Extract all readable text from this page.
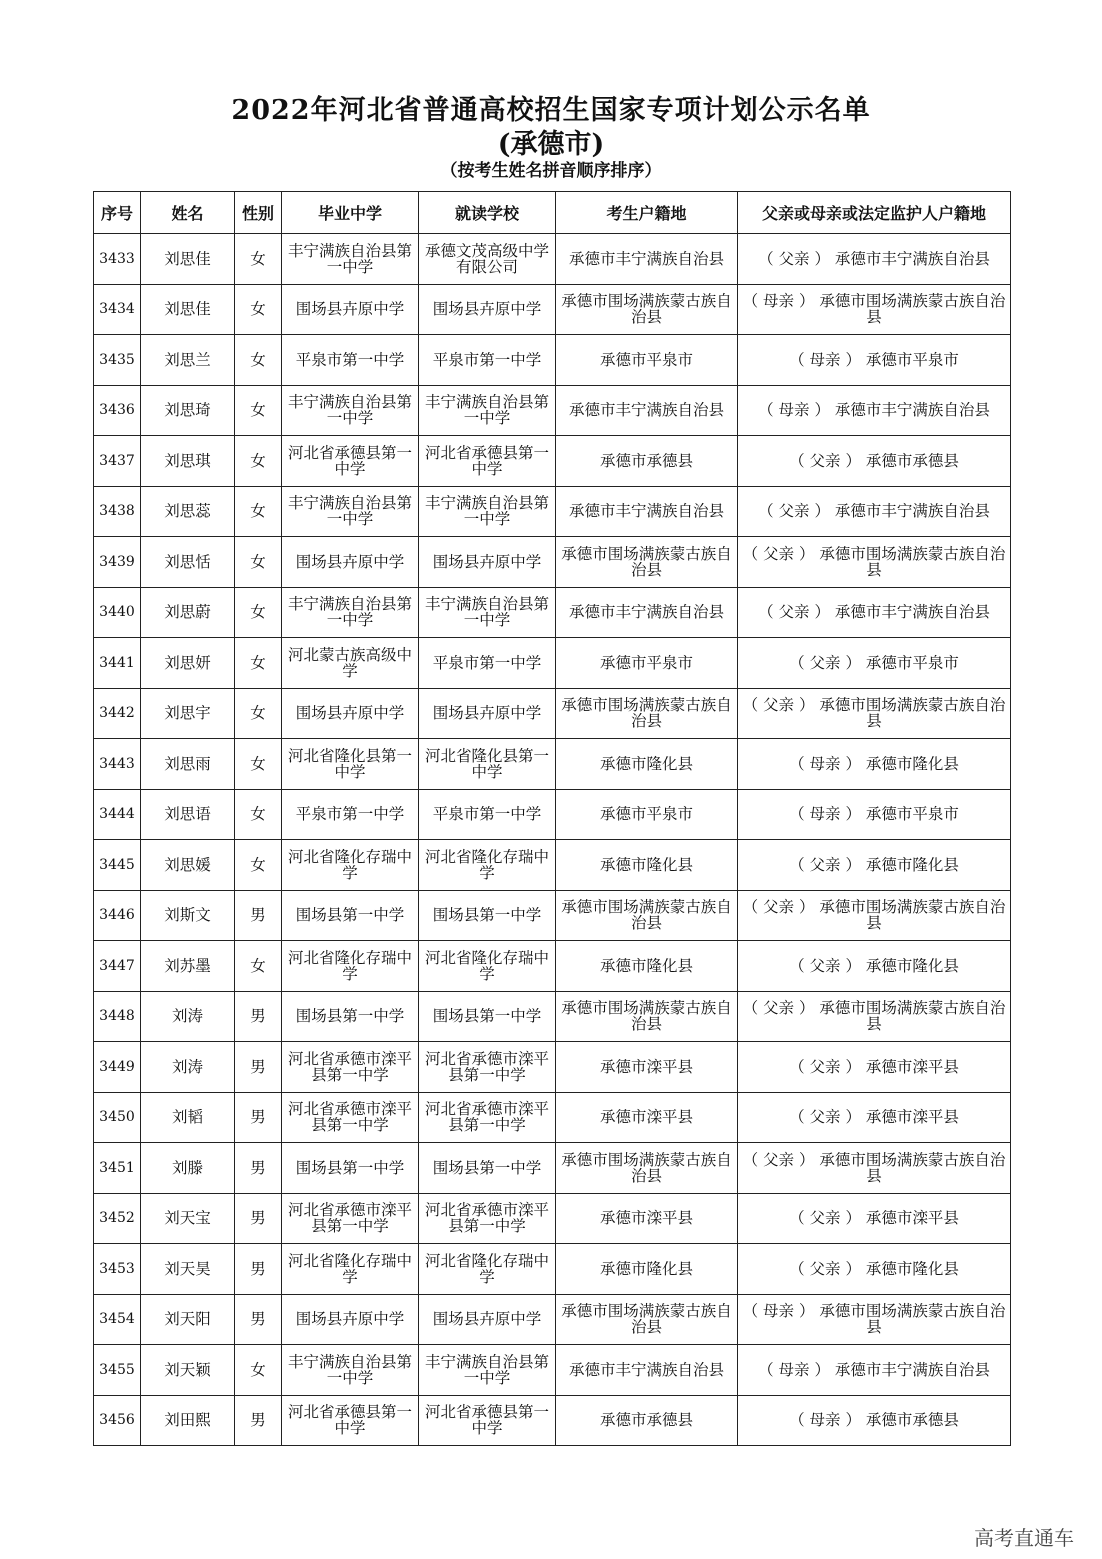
2022年河北省普通高校招生国家专项计划公示名单
(承德市)
（按考生姓名拼音顺序排序）
序号	姓名	性别	毕业中学	就读学校	考生户籍地	父亲或母亲或法定监护人户籍地
3433	刘思佳	女	丰宁满族自治县第一中学	承德文茂高级中学有限公司	承德市丰宁满族自治县	（ 父亲 ） 承德市丰宁满族自治县
3434	刘思佳	女	围场县卉原中学	围场县卉原中学	承德市围场满族蒙古族自治县	（ 母亲 ） 承德市围场满族蒙古族自治县
3435	刘思兰	女	平泉市第一中学	平泉市第一中学	承德市平泉市	（ 母亲 ） 承德市平泉市
3436	刘思琦	女	丰宁满族自治县第一中学	丰宁满族自治县第一中学	承德市丰宁满族自治县	（ 母亲 ） 承德市丰宁满族自治县
3437	刘思琪	女	河北省承德县第一中学	河北省承德县第一中学	承德市承德县	（ 父亲 ） 承德市承德县
3438	刘思蕊	女	丰宁满族自治县第一中学	丰宁满族自治县第一中学	承德市丰宁满族自治县	（ 父亲 ） 承德市丰宁满族自治县
3439	刘思恬	女	围场县卉原中学	围场县卉原中学	承德市围场满族蒙古族自治县	（ 父亲 ） 承德市围场满族蒙古族自治县
3440	刘思蔚	女	丰宁满族自治县第一中学	丰宁满族自治县第一中学	承德市丰宁满族自治县	（ 父亲 ） 承德市丰宁满族自治县
3441	刘思妍	女	河北蒙古族高级中学	平泉市第一中学	承德市平泉市	（ 父亲 ） 承德市平泉市
3442	刘思宇	女	围场县卉原中学	围场县卉原中学	承德市围场满族蒙古族自治县	（ 父亲 ） 承德市围场满族蒙古族自治县
3443	刘思雨	女	河北省隆化县第一中学	河北省隆化县第一中学	承德市隆化县	（ 母亲 ） 承德市隆化县
3444	刘思语	女	平泉市第一中学	平泉市第一中学	承德市平泉市	（ 母亲 ） 承德市平泉市
3445	刘思媛	女	河北省隆化存瑞中学	河北省隆化存瑞中学	承德市隆化县	（ 父亲 ） 承德市隆化县
3446	刘斯文	男	围场县第一中学	围场县第一中学	承德市围场满族蒙古族自治县	（ 父亲 ） 承德市围场满族蒙古族自治县
3447	刘苏墨	女	河北省隆化存瑞中学	河北省隆化存瑞中学	承德市隆化县	（ 父亲 ） 承德市隆化县
3448	刘涛	男	围场县第一中学	围场县第一中学	承德市围场满族蒙古族自治县	（ 父亲 ） 承德市围场满族蒙古族自治县
3449	刘涛	男	河北省承德市滦平县第一中学	河北省承德市滦平县第一中学	承德市滦平县	（ 父亲 ） 承德市滦平县
3450	刘韬	男	河北省承德市滦平县第一中学	河北省承德市滦平县第一中学	承德市滦平县	（ 父亲 ） 承德市滦平县
3451	刘滕	男	围场县第一中学	围场县第一中学	承德市围场满族蒙古族自治县	（ 父亲 ） 承德市围场满族蒙古族自治县
3452	刘天宝	男	河北省承德市滦平县第一中学	河北省承德市滦平县第一中学	承德市滦平县	（ 父亲 ） 承德市滦平县
3453	刘天昊	男	河北省隆化存瑞中学	河北省隆化存瑞中学	承德市隆化县	（ 父亲 ） 承德市隆化县
3454	刘天阳	男	围场县卉原中学	围场县卉原中学	承德市围场满族蒙古族自治县	（ 母亲 ） 承德市围场满族蒙古族自治县
3455	刘天颖	女	丰宁满族自治县第一中学	丰宁满族自治县第一中学	承德市丰宁满族自治县	（ 母亲 ） 承德市丰宁满族自治县
3456	刘田熙	男	河北省承德县第一中学	河北省承德县第一中学	承德市承德县	（ 母亲 ） 承德市承德县
高考直通车
